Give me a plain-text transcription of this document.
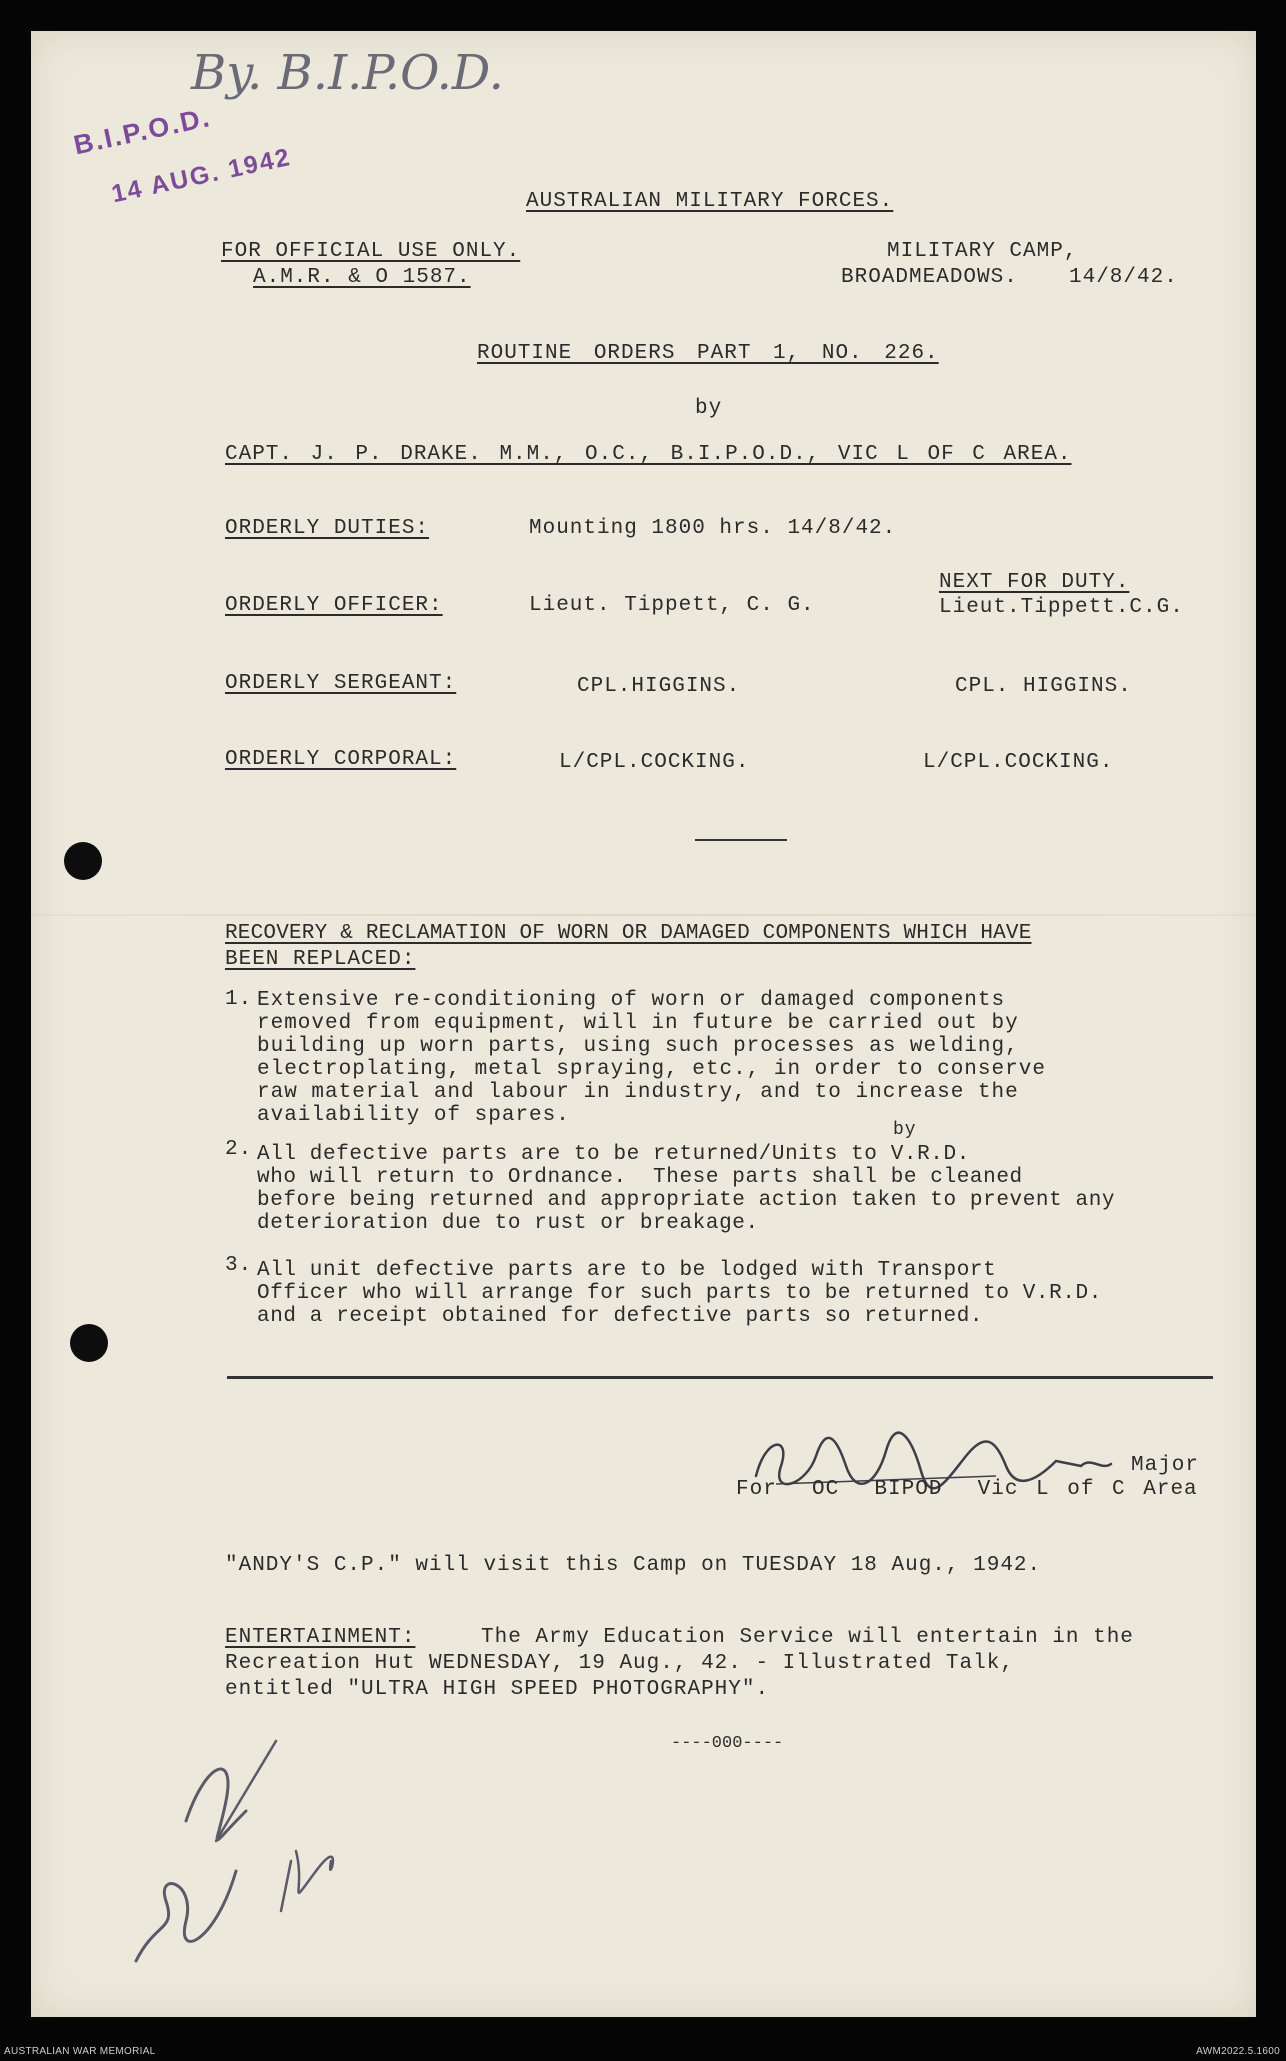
B.I.P.O.D.
14 AUG. 1942
By. B.I.P.O.D.
AUSTRALIAN MILITARY FORCES.
FOR OFFICIAL USE ONLY.
A.M.R. & O 1587.
MILITARY CAMP,
BROADMEADOWS. 14/8/42.
ROUTINE ORDERS PART 1, NO. 226.
by
CAPT. J. P. DRAKE. M.M., O.C., B.I.P.O.D., VIC L OF C AREA.
ORDERLY DUTIES:	Mounting 1800 hrs. 14/8/42.
NEXT FOR DUTY.
ORDERLY OFFICER:	Lieut. Tippett, C. G.	Lieut.Tippett.C.G.
ORDERLY SERGEANT:	CPL.HIGGINS.	CPL. HIGGINS.
ORDERLY CORPORAL:	L/CPL.COCKING.	L/CPL.COCKING.
RECOVERY & RECLAMATION OF WORN OR DAMAGED COMPONENTS WHICH HAVE
BEEN REPLACED:
1. Extensive re-conditioning of worn or damaged components
removed from equipment, will in future be carried out by
building up worn parts, using such processes as welding,
electroplating, metal spraying, etc., in order to conserve
raw material and labour in industry, and to increase the
availability of spares.
by
2. All defective parts are to be returned/Units to V.R.D.
who will return to Ordnance.  These parts shall be cleaned
before being returned and appropriate action taken to prevent any
deterioration due to rust or breakage.
3. All unit defective parts are to be lodged with Transport
Officer who will arrange for such parts to be returned to V.R.D.
and a receipt obtained for defective parts so returned.
Major
For  OC  BIPOD  Vic L of C Area
"ANDY'S C.P." will visit this Camp on TUESDAY 18 Aug., 1942.
ENTERTAINMENT:	The Army Education Service will entertain in the
Recreation Hut WEDNESDAY, 19 Aug., 42. - Illustrated Talk,
entitled "ULTRA HIGH SPEED PHOTOGRAPHY".
----000----
AUSTRALIAN WAR MEMORIAL	AWM2022.5.1600
